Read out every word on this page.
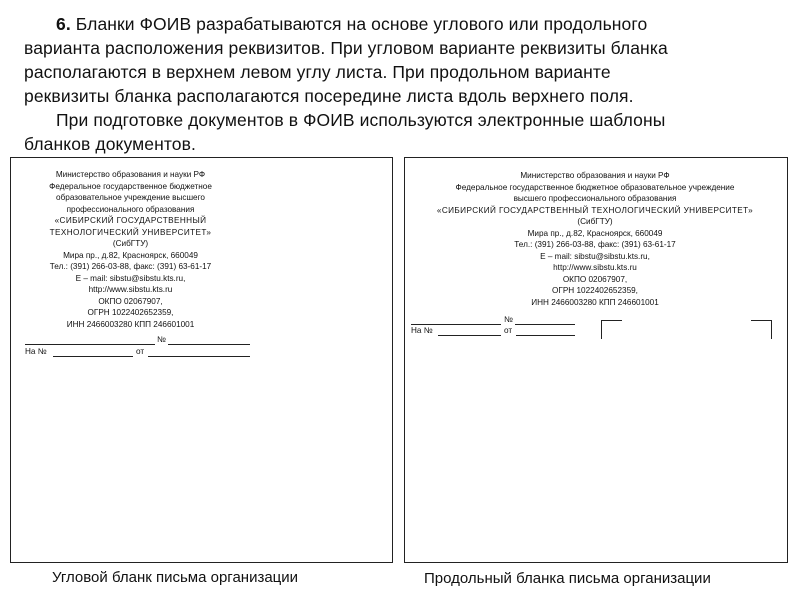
6. Бланки ФОИВ разрабатываются на основе углового или продольного

варианта расположения реквизитов. При угловом варианте реквизиты бланка

располагаются в верхнем левом углу листа. При продольном варианте

реквизиты бланка располагаются посередине листа вдоль верхнего поля.

При подготовке документов в ФОИВ используются электронные шаблоны

бланков документов.

Министерство образования и науки РФ
Федеральное государственное бюджетное
образовательное учреждение высшего
профессионального образования
«СИБИРСКИЙ ГОСУДАРСТВЕННЫЙ
ТЕХНОЛОГИЧЕСКИЙ УНИВЕРСИТЕТ»
(СибГТУ)
Мира пр., д.82, Красноярск, 660049
Тел.: (391) 266-03-88, факс: (391) 63-61-17
E – mail: sibstu@sibstu.kts.ru,
http://www.sibstu.kts.ru
ОКПО 02067907,
ОГРН 1022402652359,
ИНН 2466003280 КПП 246601001
№
На №	от
Министерство образования и науки РФ
Федеральное государственное бюджетное образовательное учреждение
высшего профессионального образования
«СИБИРСКИЙ ГОСУДАРСТВЕННЫЙ ТЕХНОЛОГИЧЕСКИЙ УНИВЕРСИТЕТ»
(СибГТУ)
Мира пр., д.82, Красноярск, 660049
Тел.: (391) 266-03-88, факс: (391) 63-61-17
E – mail: sibstu@sibstu.kts.ru,
http://www.sibstu.kts.ru
ОКПО 02067907,
ОГРН 1022402652359,
ИНН 2466003280 КПП 246601001
№
На №	от
Угловой бланк письма организации	Продольный бланка письма организации
